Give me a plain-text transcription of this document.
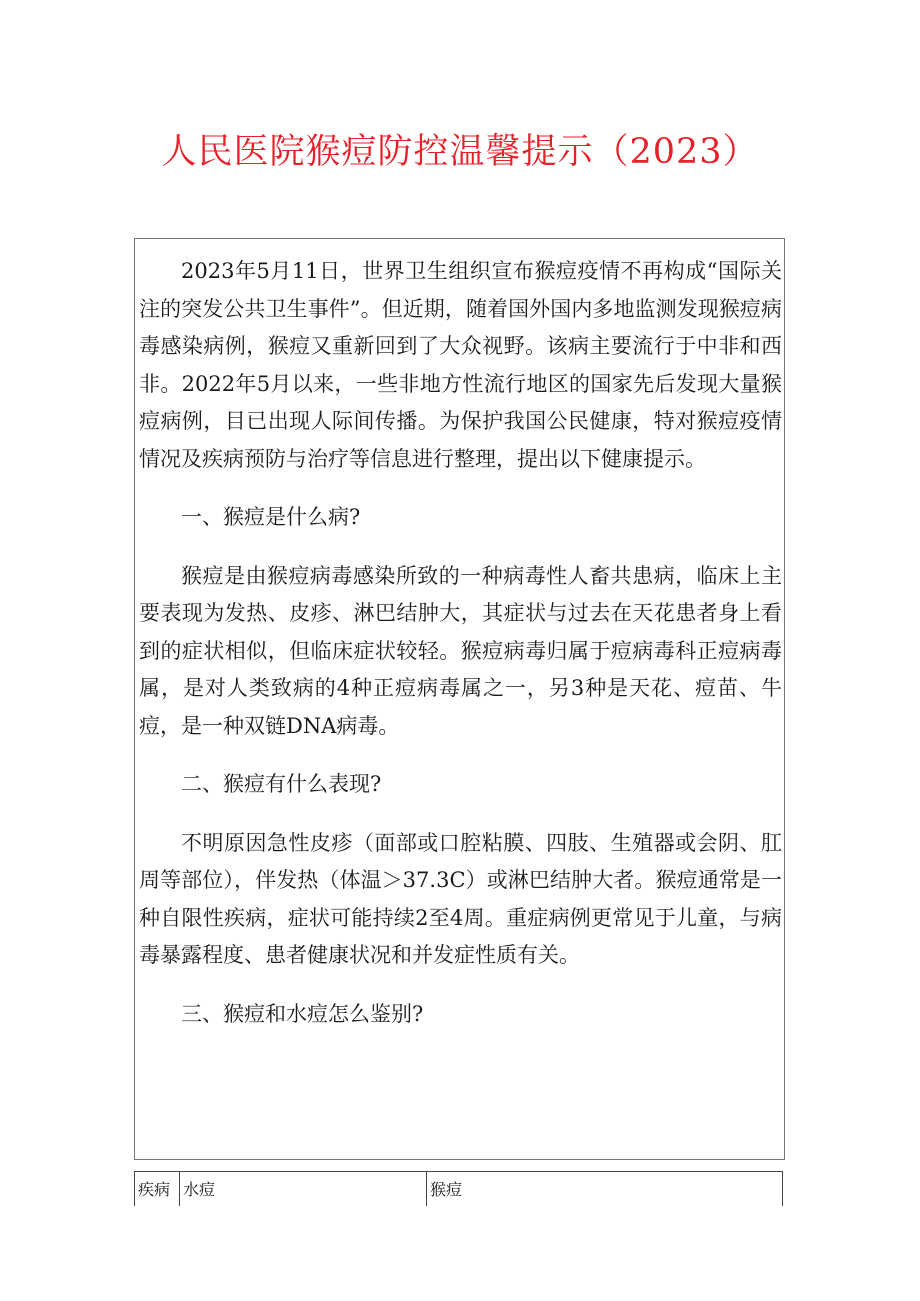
人民医院猴痘防控温馨提示（2023）

2023年5月11日，世界卫生组织宣布猴痘疫情不再构成“国际关注的突发公共卫生事件”。但近期，随着国外国内多地监测发现猴痘病毒感染病例，猴痘又重新回到了大众视野。该病主要流行于中非和西非。2022年5月以来，一些非地方性流行地区的国家先后发现大量猴痘病例，目已出现人际间传播。为保护我国公民健康，特对猴痘疫情情况及疾病预防与治疗等信息进行整理，提出以下健康提示。

一、猴痘是什么病?

猴痘是由猴痘病毒感染所致的一种病毒性人畜共患病，临床上主要表现为发热、皮疹、淋巴结肿大，其症状与过去在天花患者身上看到的症状相似，但临床症状较轻。猴痘病毒归属于痘病毒科正痘病毒属，是对人类致病的4种正痘病毒属之一，另3种是天花、痘苗、牛痘，是一种双链DNA病毒。

二、猴痘有什么表现?

不明原因急性皮疹（面部或口腔粘膜、四肢、生殖器或会阴、肛周等部位），伴发热（体温＞37.3C）或淋巴结肿大者。猴痘通常是一种自限性疾病，症状可能持续2至4周。重症病例更常见于儿童，与病毒暴露程度、患者健康状况和并发症性质有关。

三、猴痘和水痘怎么鉴别?

疾病	水痘	猴痘
